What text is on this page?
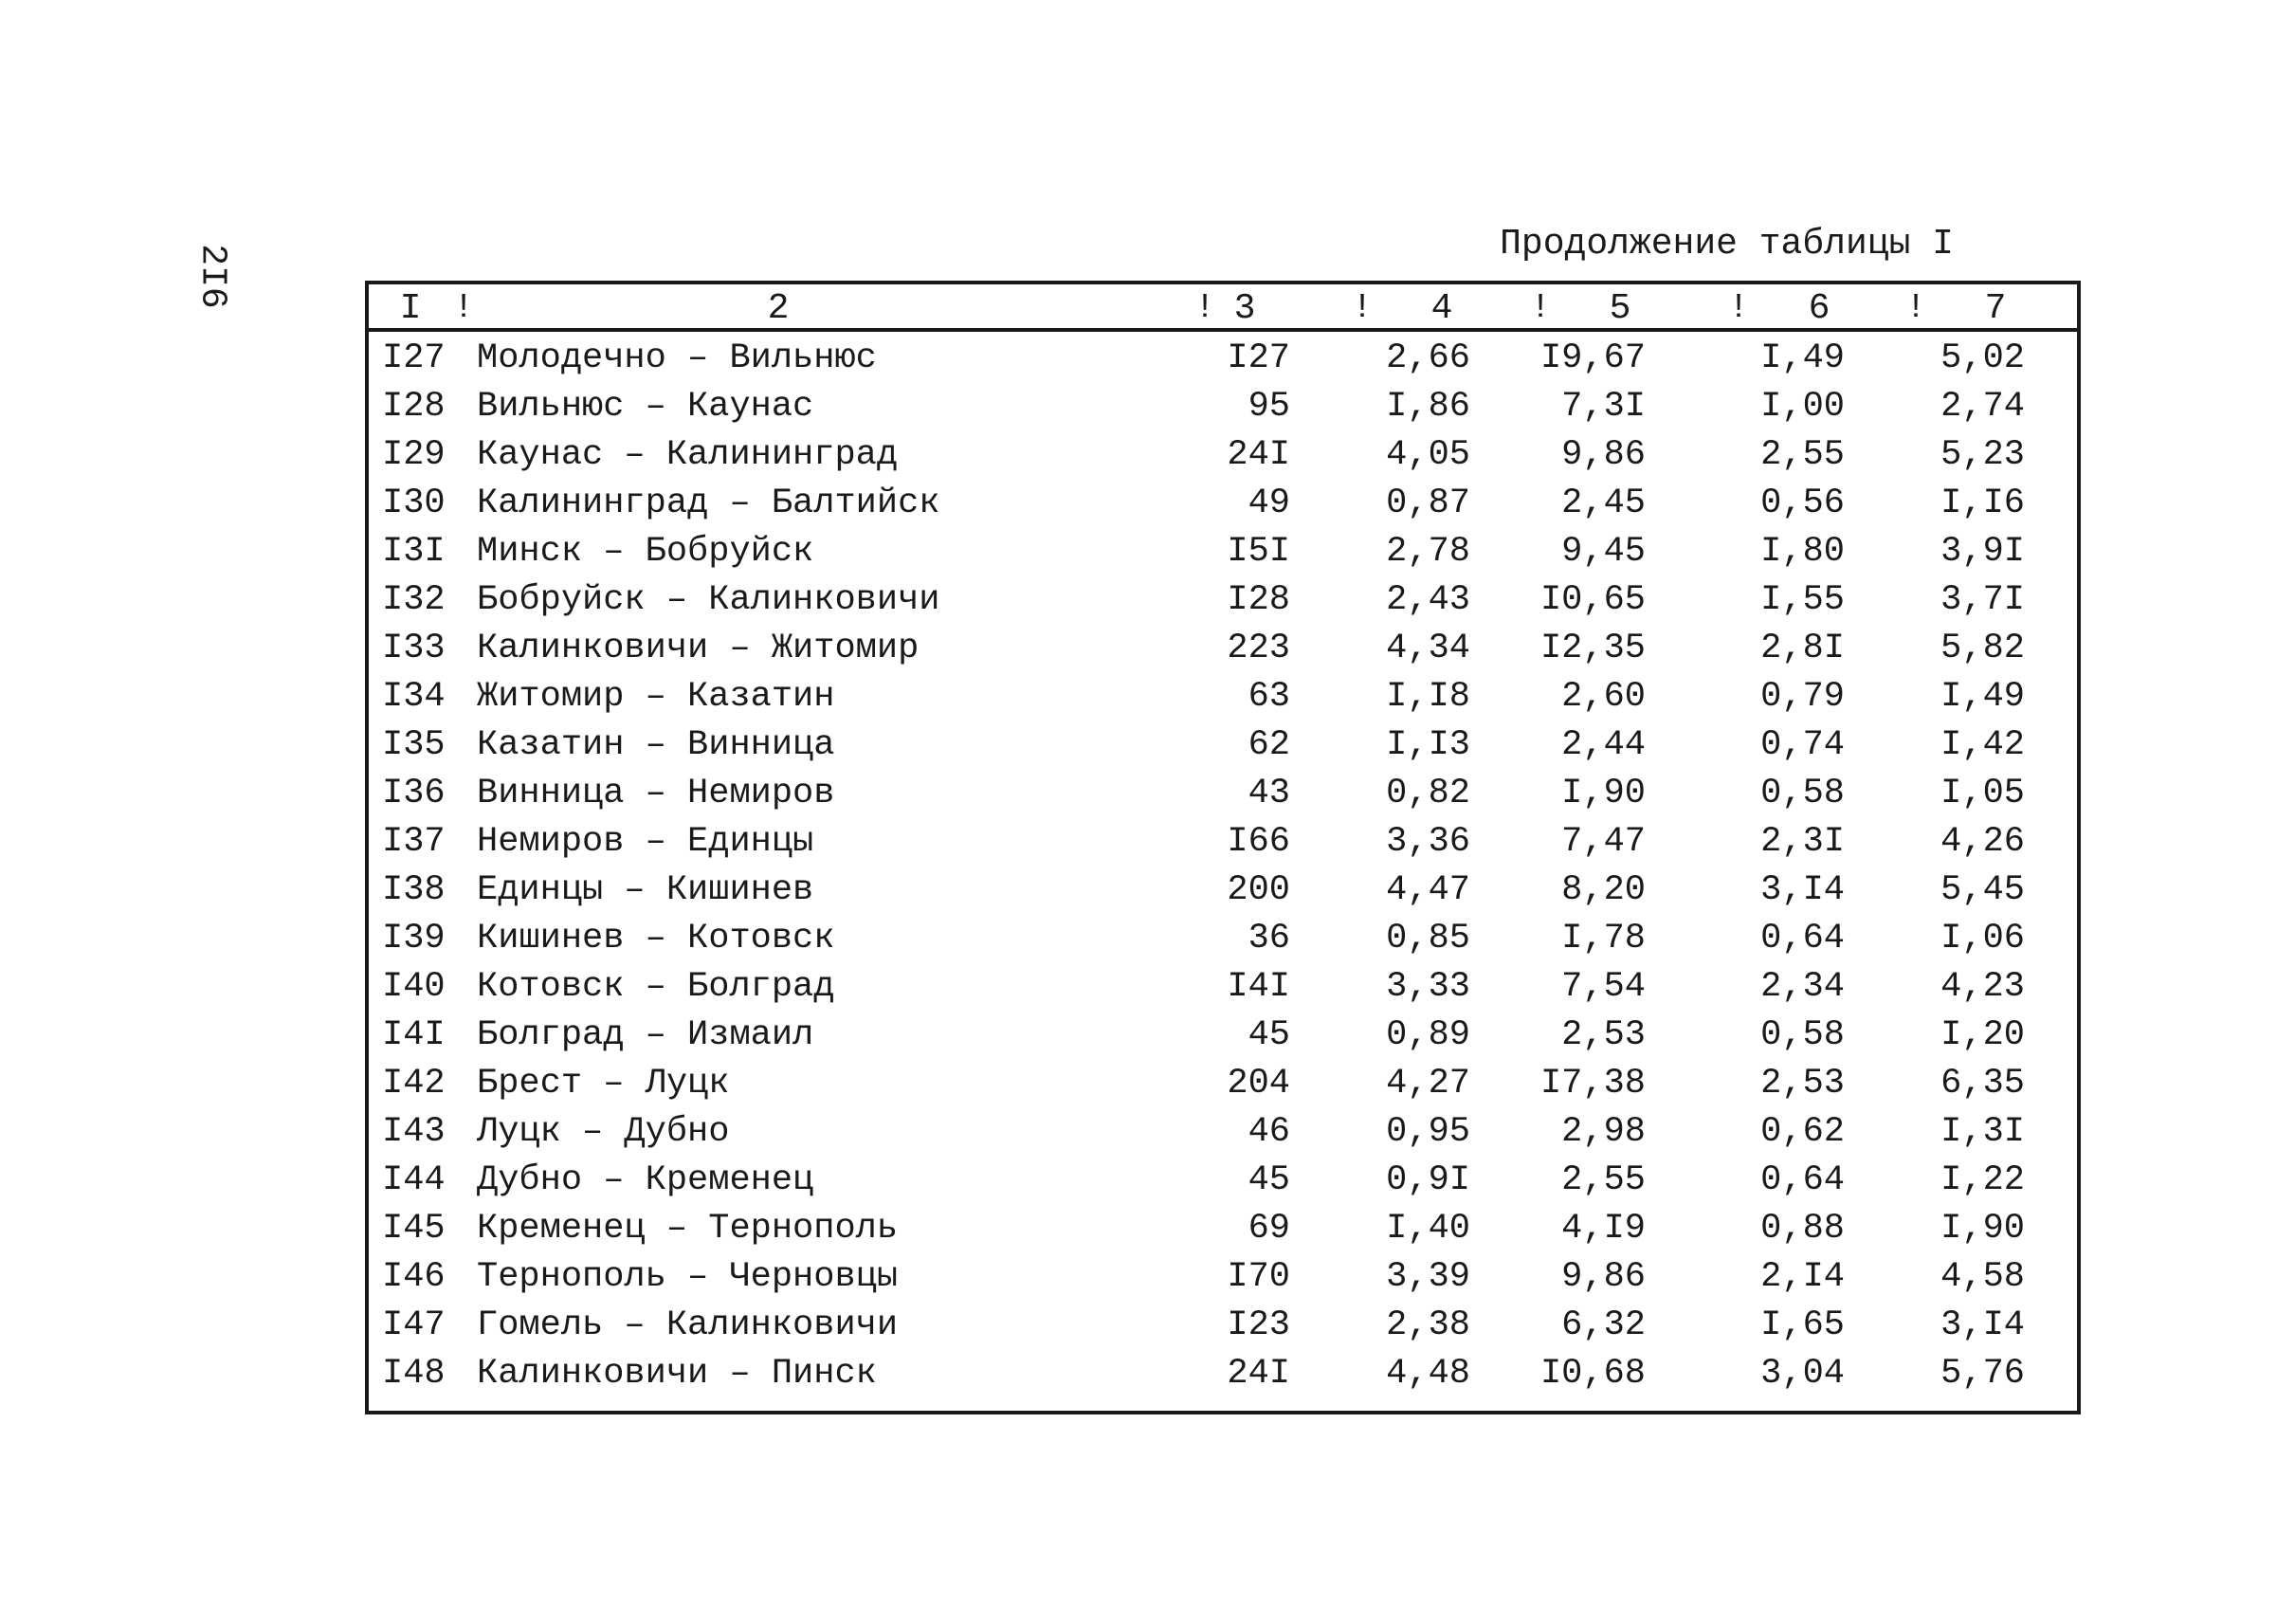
2I6	Продолжение таблицы I
I !	2	! 3	! 4 ! 5	! 6 ! 7
I27 Молодечно – Вильнюс	I27	2,66 I9,67	I,49	5,02
I28 Вильнюс – Каунас	95	I,86	7,3I	I,00	2,74
I29 Каунас – Калининград	24I	4,05	9,86	2,55	5,23
I30 Калининград – Балтийск	49	0,87	2,45	0,56	I,I6
I3I Минск – Бобруйск	I5I	2,78	9,45	I,80	3,9I
I32 Бобруйск – Калинковичи	I28	2,43 I0,65	I,55	3,7I
I33 Калинковичи – Житомир	223	4,34 I2,35	2,8I	5,82
I34 Житомир – Казатин	63	I,I8	2,60	0,79	I,49
I35 Казатин – Винница	62	I,I3	2,44	0,74	I,42
I36 Винница – Немиров	43	0,82	I,90	0,58	I,05
I37 Немиров – Единцы	I66	3,36	7,47	2,3I	4,26
I38 Единцы – Кишинев	200	4,47	8,20	3,I4	5,45
I39 Кишинев – Котовск	36	0,85	I,78	0,64	I,06
I40 Котовск – Болград	I4I	3,33	7,54	2,34	4,23
I4I Болград – Измаил	45	0,89	2,53	0,58	I,20
I42 Брест – Луцк	204	4,27 I7,38	2,53	6,35
I43 Луцк – Дубно	46	0,95	2,98	0,62	I,3I
I44 Дубно – Кременец	45	0,9I	2,55	0,64	I,22
I45 Кременец – Тернополь	69	I,40	4,I9	0,88	I,90
I46 Тернополь – Черновцы	I70	3,39	9,86	2,I4	4,58
I47 Гомель – Калинковичи	I23	2,38	6,32	I,65	3,I4
I48 Калинковичи – Пинск	24I	4,48 I0,68	3,04	5,76
